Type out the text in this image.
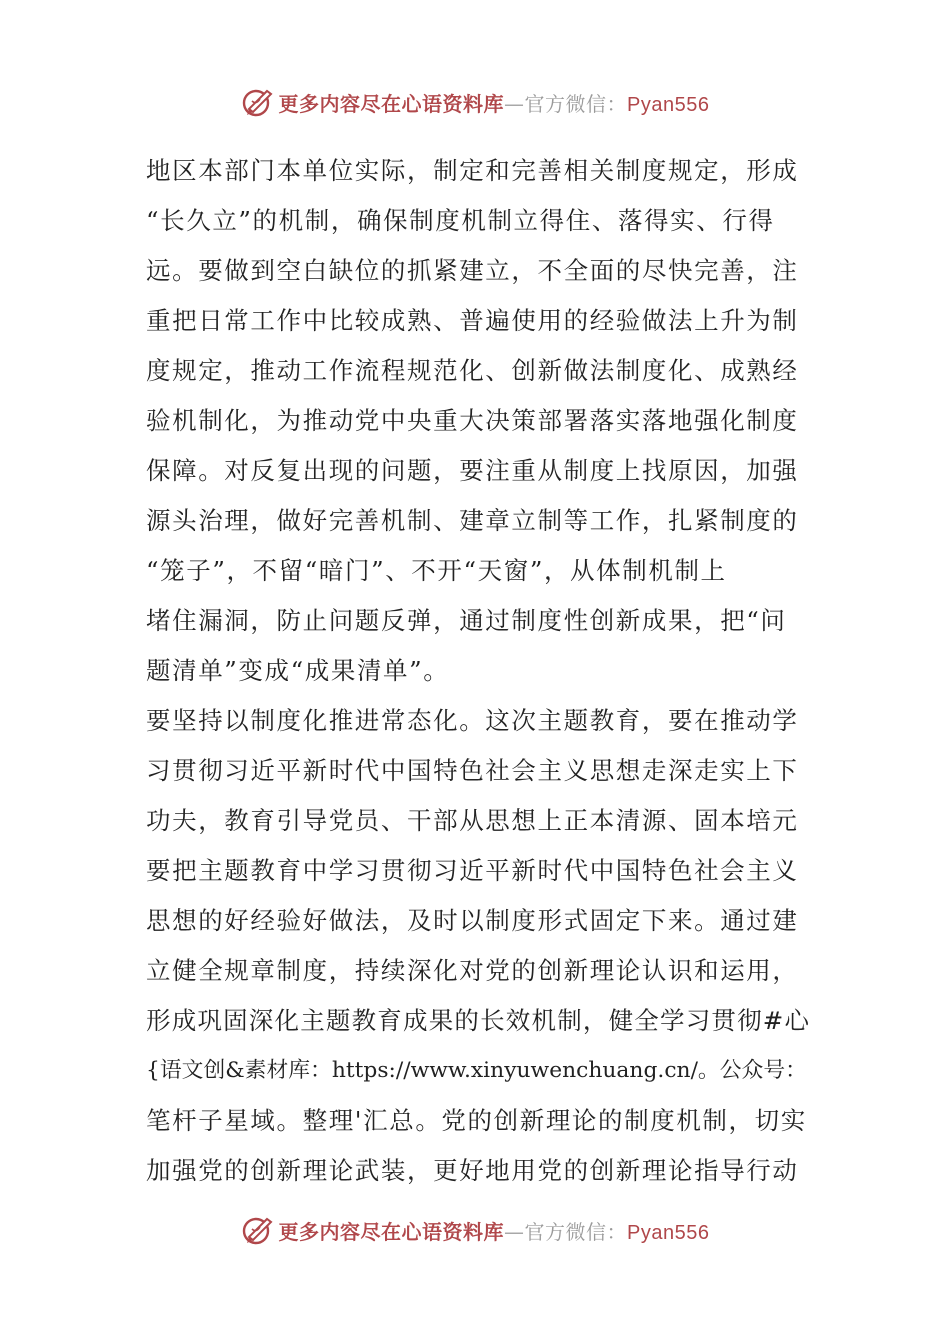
更多内容尽在心语资料库—官方微信：Pyan556
地区本部门本单位实际，制定和完善相关制度规定，形成
“长久立”的机制，确保制度机制立得住、落得实、行得
远。要做到空白缺位的抓紧建立，不全面的尽快完善，注
重把日常工作中比较成熟、普遍使用的经验做法上升为制
度规定，推动工作流程规范化、创新做法制度化、成熟经
验机制化，为推动党中央重大决策部署落实落地强化制度
保障。对反复出现的问题，要注重从制度上找原因，加强
源头治理，做好完善机制、建章立制等工作，扎紧制度的
“笼子”，不留“暗门”、不开“天窗”，从体制机制上
堵住漏洞，防止问题反弹，通过制度性创新成果，把“问
题清单”变成“成果清单”。
要坚持以制度化推进常态化。这次主题教育，要在推动学
习贯彻习近平新时代中国特色社会主义思想走深走实上下
功夫，教育引导党员、干部从思想上正本清源、固本培元
要把主题教育中学习贯彻习近平新时代中国特色社会主义
思想的好经验好做法，及时以制度形式固定下来。通过建
立健全规章制度，持续深化对党的创新理论认识和运用，
形成巩固深化主题教育成果的长效机制，健全学习贯彻#心
{语文创&素材库：https://www.xinyuwenchuang.cn/。公众号：
笔杆子星域。整理'汇总。党的创新理论的制度机制，切实
加强党的创新理论武装，更好地用党的创新理论指导行动
更多内容尽在心语资料库—官方微信：Pyan556
